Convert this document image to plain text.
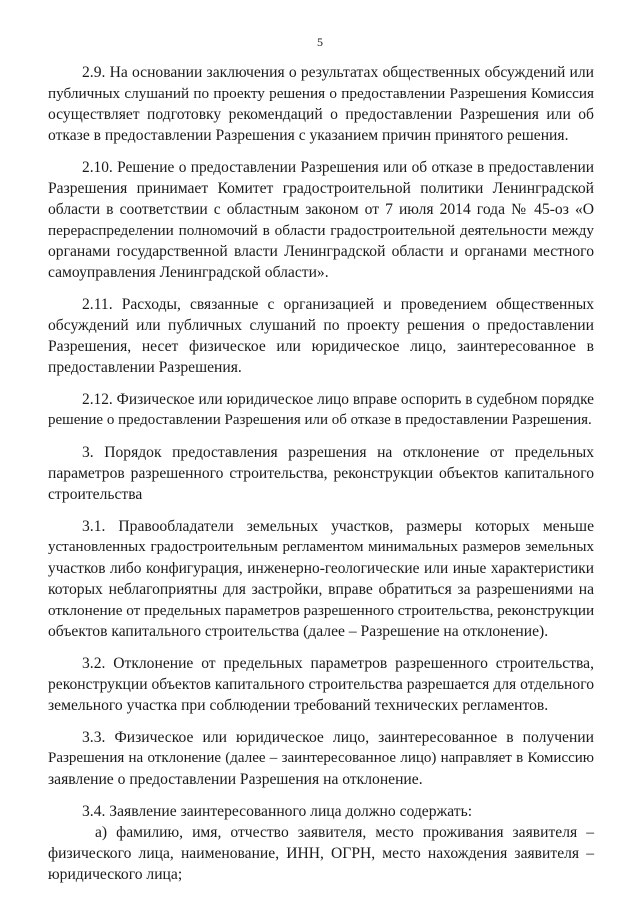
5
2.9. На основании заключения о результатах общественных обсуждений или
публичных слушаний по проекту решения о предоставлении Разрешения Комиссия
осуществляет подготовку рекомендаций о предоставлении Разрешения или об
отказе в предоставлении Разрешения с указанием причин принятого решения.
2.10. Решение о предоставлении Разрешения или об отказе в предоставлении
Разрешения принимает Комитет градостроительной политики Ленинградской
области в соответствии с областным законом от 7 июля 2014 года № 45-оз «О
перераспределении полномочий в области градостроительной деятельности между
органами государственной власти Ленинградской области и органами местного
самоуправления Ленинградской области».
2.11. Расходы, связанные с организацией и проведением общественных
обсуждений или публичных слушаний по проекту решения о предоставлении
Разрешения, несет физическое или юридическое лицо, заинтересованное в
предоставлении Разрешения.
2.12. Физическое или юридическое лицо вправе оспорить в судебном порядке
решение о предоставлении Разрешения или об отказе в предоставлении Разрешения.
3. Порядок предоставления разрешения на отклонение от предельных
параметров разрешенного строительства, реконструкции объектов капитального
строительства
3.1. Правообладатели земельных участков, размеры которых меньше
установленных градостроительным регламентом минимальных размеров земельных
участков либо конфигурация, инженерно-геологические или иные характеристики
которых неблагоприятны для застройки, вправе обратиться за разрешениями на
отклонение от предельных параметров разрешенного строительства, реконструкции
объектов капитального строительства (далее – Разрешение на отклонение).
3.2. Отклонение от предельных параметров разрешенного строительства,
реконструкции объектов капитального строительства разрешается для отдельного
земельного участка при соблюдении требований технических регламентов.
3.3. Физическое или юридическое лицо, заинтересованное в получении
Разрешения на отклонение (далее – заинтересованное лицо) направляет в Комиссию
заявление о предоставлении Разрешения на отклонение.
3.4. Заявление заинтересованного лица должно содержать:
а) фамилию, имя, отчество заявителя, место проживания заявителя –
физического лица, наименование, ИНН, ОГРН, место нахождения заявителя –
юридического лица;
